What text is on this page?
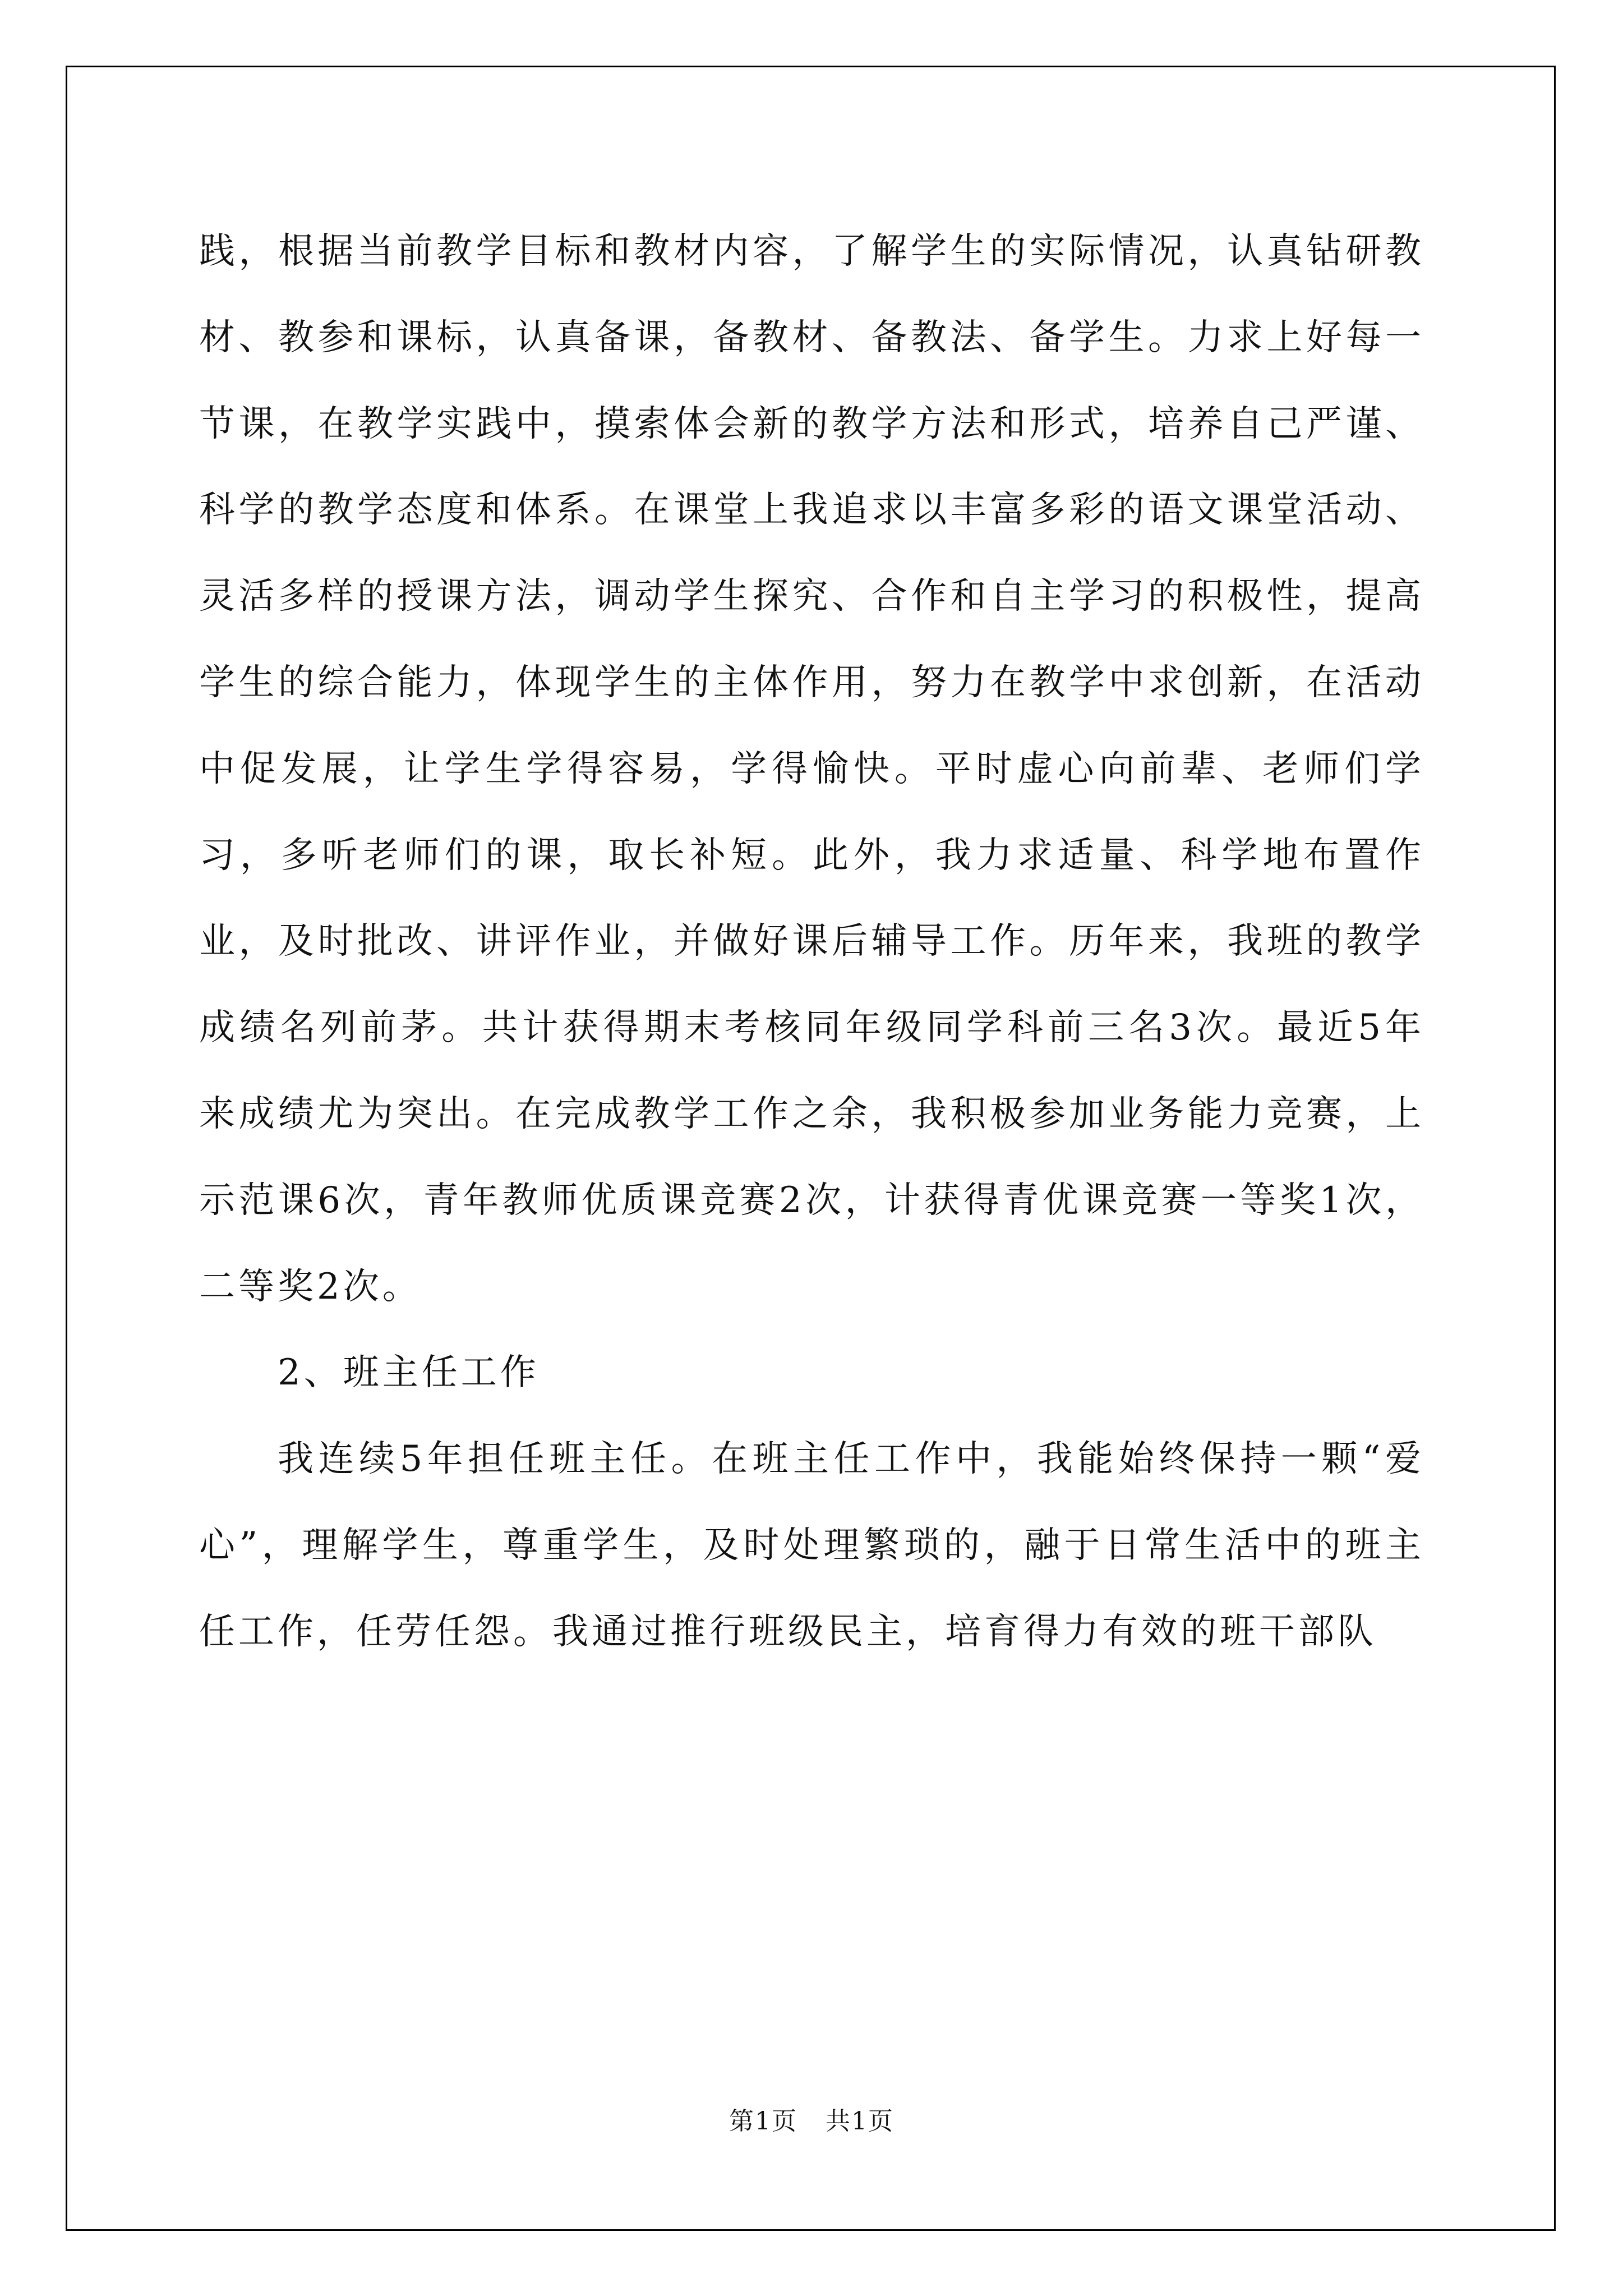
践，根据当前教学目标和教材内容，了解学生的实际情况，认真钻研教材、教参和课标，认真备课，备教材、备教法、备学生。力求上好每一节课，在教学实践中，摸索体会新的教学方法和形式，培养自己严谨、科学的教学态度和体系。在课堂上我追求以丰富多彩的语文课堂活动、灵活多样的授课方法，调动学生探究、合作和自主学习的积极性，提高学生的综合能力，体现学生的主体作用，努力在教学中求创新，在活动中促发展，让学生学得容易，学得愉快。平时虚心向前辈、老师们学习，多听老师们的课，取长补短。此外，我力求适量、科学地布置作业，及时批改、讲评作业，并做好课后辅导工作。历年来，我班的教学成绩名列前茅。共计获得期末考核同年级同学科前三名3次。最近5年来成绩尤为突出。在完成教学工作之余，我积极参加业务能力竞赛，上示范课6次，青年教师优质课竞赛2次，计获得青优课竞赛一等奖1次，二等奖2次。

2、班主任工作

我连续5年担任班主任。在班主任工作中，我能始终保持一颗“爱心”，理解学生，尊重学生，及时处理繁琐的，融于日常生活中的班主任工作，任劳任怨。我通过推行班级民主，培育得力有效的班干部队

第1页 共1页
